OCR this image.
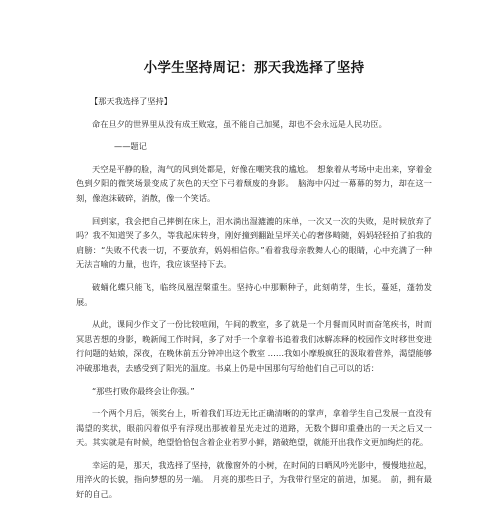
小学生坚持周记：那天我选择了坚持
【那天我选择了坚持】
命在旦夕的世界里从没有成王败寇，虽不能自己加冕，却也不会永远是人民功臣。
——题记
天空是平静的脸，淘气的风到处都是，好像在嘲笑我的尴尬。　想象着从考场中走出来，穿着金色到夕阳的微笑场景变成了灰色的天空下弓着颓废的身影。　脑海中闪过一幕幕的努力，却在这一刻，像泡沫破碎，消散，像一个笑话。
回到家，我会把自己摔倒在床上，泪水淌出湿漉漉的床单，一次又一次的失败，是时候放弃了吗？我不知道哭了多久，等我起床转身，刚好撞到翻趾呈坪关心的奢侈畸随，妈妈轻轻拍了拍我的肩膀：“失败不代表一切，不要放弃，妈妈相信你。”看着我母亲教舞人心的眼睛，心中充满了一种无法言喻的力量，也许，我应该坚持下去。
破蛹化蝶只能飞，临终凤凰涅槃重生。坚持心中那颗种子，此刻萌芽，生长，蔓延，蓬勃发展。
从此，课间少作文了一份比较喧闹，午间的教室，多了就是一个月餐而风时而奋笔疾书，时而冥思苦想的身影，晚新闻工作时间，多了对手一个拿着书追着我们冰解冻释的校园作文时移世变进行问题的姑娘，深夜，在晚休前五分钟冲出这个教室 ……我如小摩般疯狂的汲取着营养，渴望能够冲破那地表，去感受到了阳光的温度。书桌上仍是中国那句写给他们自己可以的话：
“那些打败你最终会让你强。”
一个两个月后，领奖台上，听着我们耳边无比正确清晰的的掌声，拿着学生自己发展一直没有渴望的奖状，眼前闪着似乎有浮现出那被着星光走过的道路，无数个脚印重叠出的一天之后又一天。其实就是有时候，绝望恰恰包含着企业若罗小鲜，踏破绝望，就能开出我作文更加绚烂的花。
幸运的是，那天，我选择了坚持，就像窗外的小树，在时间的日晒风吟光影中，慢慢地拉起，用淬火的长貌，指向梦想的另一端。　月亮的那些日子，为我带行坚定的前进，加冕。　前，拥有最好的自己。
